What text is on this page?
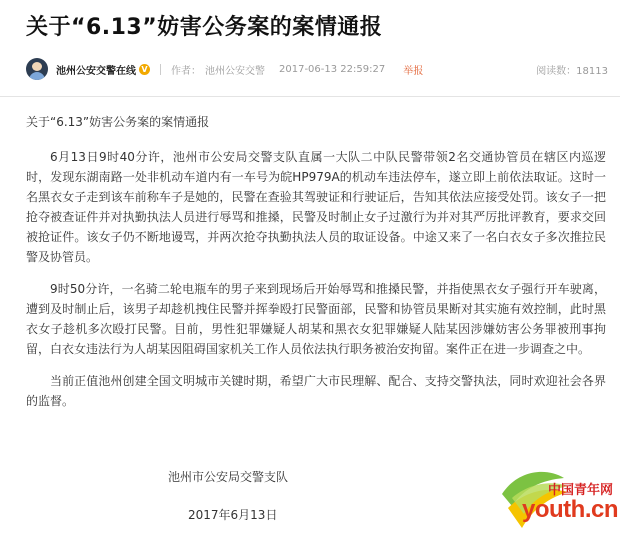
关于“6.13”妨害公务案的案情通报
池州公安交警在线 V 作者： 池州公安交警 2017-06-13 22:59:27 举报	阅读数：18113

关于“6.13”妨害公务案的案情通报

6月13日9时40分许，池州市公安局交警支队直属一大队二中队民警带领2名交通协管员在辖区内巡逻时，发现东湖南路一处非机动车道内有一车号为皖HP979A的机动车违法停车，遂立即上前依法取证。这时一名黑衣女子走到该车前称车子是她的，民警在查验其驾驶证和行驶证后，告知其依法应接受处罚。该女子一把抢夺被查证件并对执勤执法人员进行辱骂和推搡，民警及时制止女子过激行为并对其严厉批评教育，要求交回被抢证件。该女子仍不断地谩骂，并两次抢夺执勤执法人员的取证设备。中途又来了一名白衣女子多次推拉民警及协管员。

9时50分许，一名骑二轮电瓶车的男子来到现场后开始辱骂和推搡民警，并指使黑衣女子强行开车驶离，遭到及时制止后，该男子却趁机拽住民警并挥拳殴打民警面部，民警和协管员果断对其实施有效控制，此时黑衣女子趁机多次殴打民警。目前，男性犯罪嫌疑人胡某和黑衣女犯罪嫌疑人陆某因涉嫌妨害公务罪被刑事拘留，白衣女违法行为人胡某因阻碍国家机关工作人员依法执行职务被治安拘留。案件正在进一步调查之中。

当前正值池州创建全国文明城市关键时期，希望广大市民理解、配合、支持交警执法，同时欢迎社会各界的监督。

池州市公安局交警支队

2017年6月13日

中国青年网
youth.cn
